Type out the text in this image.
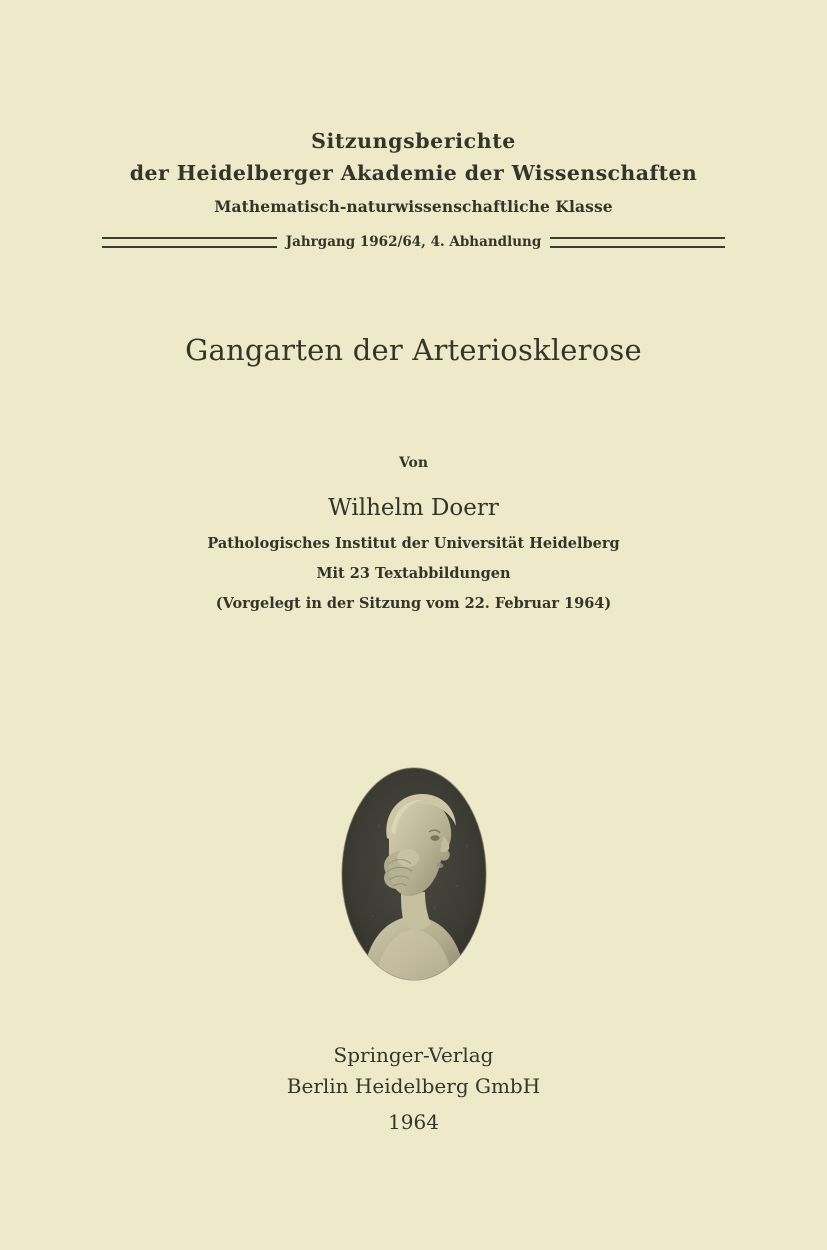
Sitzungsberichte
der Heidelberger Akademie der Wissenschaften
Mathematisch-naturwissenschaftliche Klasse
Jahrgang 1962/64, 4. Abhandlung
Gangarten der Arteriosklerose
Von
Wilhelm Doerr
Pathologisches Institut der Universität Heidelberg
Mit 23 Textabbildungen
(Vorgelegt in der Sitzung vom 22. Februar 1964)
Springer-Verlag
Berlin Heidelberg GmbH
1964
